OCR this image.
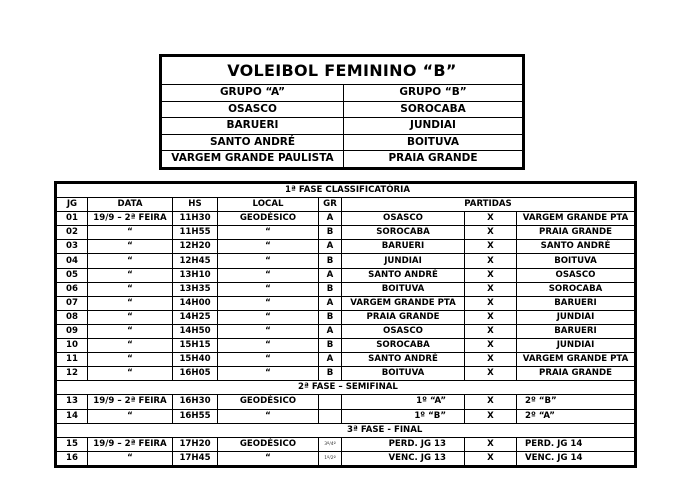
VOLEIBOL FEMININO “B”	
GRUPO “A”	GRUPO “B”
OSASCO	SOROCABA
BARUERI	JUNDIAI
SANTO ANDRÉ	BOITUVA
VARGEM GRANDE PAULISTA	PRAIA GRANDE
1ª FASE CLASSIFICATÓRIA							
JG	DATA	HS	LOCAL	GR	PARTIDAS		
01	19/9 – 2ª FEIRA	11H30	GEODÉSICO	A	OSASCO	X	VARGEM GRANDE PTA
02	“	11H55	“	B	SOROCABA	X	PRAIA GRANDE
03	“	12H20	“	A	BARUERI	X	SANTO ANDRÉ
04	“	12H45	“	B	JUNDIAI	X	BOITUVA
05	“	13H10	“	A	SANTO ANDRÉ	X	OSASCO
06	“	13H35	“	B	BOITUVA	X	SOROCABA
07	“	14H00	“	A	VARGEM GRANDE PTA	X	BARUERI
08	“	14H25	“	B	PRAIA GRANDE	X	JUNDIAI
09	“	14H50	“	A	OSASCO	X	BARUERI
10	“	15H15	“	B	SOROCABA	X	JUNDIAI
11	“	15H40	“	A	SANTO ANDRÉ	X	VARGEM GRANDE PTA
12	“	16H05	“	B	BOITUVA	X	PRAIA GRANDE
2ª FASE – SEMIFINAL							
13	19/9 – 2ª FEIRA	16H30	GEODÉSICO		1º “A”	X	2º “B”
14	“	16H55	“		1º “B”	X	2º “A”
3ª FASE - FINAL							
15	19/9 – 2ª FEIRA	17H20	GEODÉSICO	3º/4º	PERD. JG 13	X	PERD. JG 14
16	“	17H45	“	1º/2º	VENC. JG 13	X	VENC. JG 14
